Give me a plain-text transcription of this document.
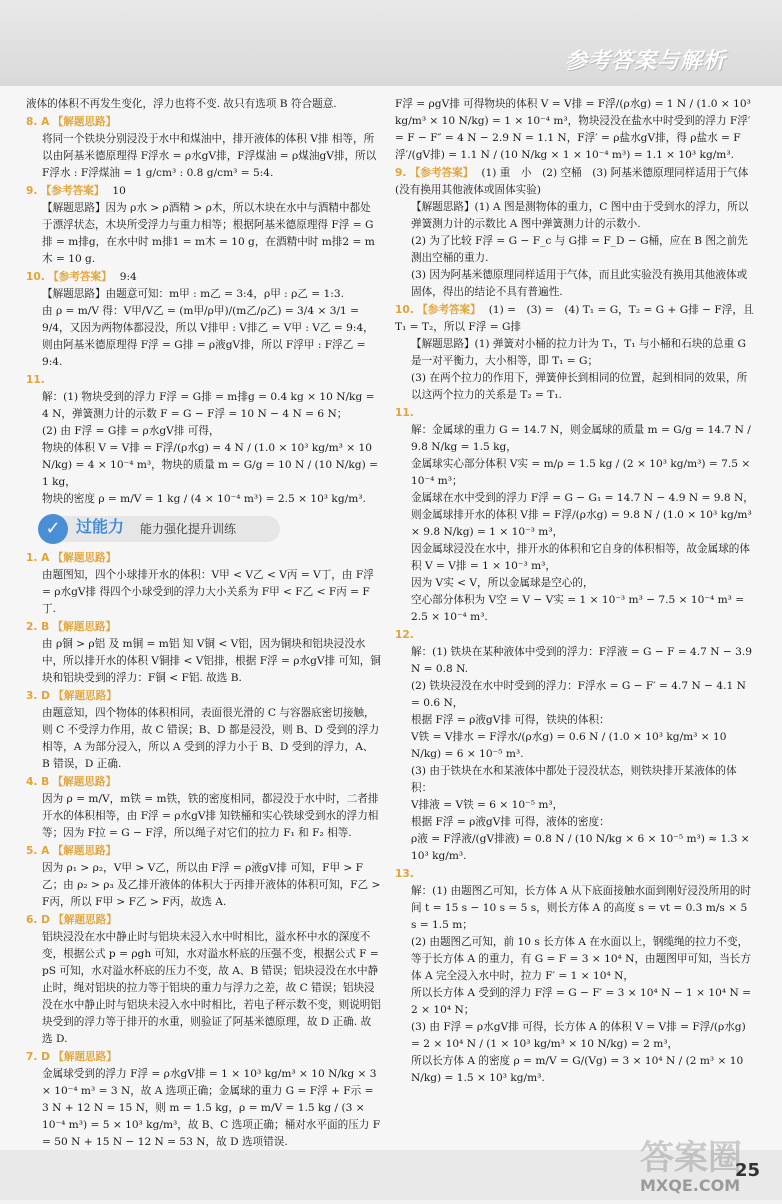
参考答案与解析
液体的体积不再发生变化，浮力也将不变. 故只有选项 B 符合题意.
8. A 【解题思路】
将同一个铁块分别浸没于水中和煤油中，排开液体的体积 V排 相等，所以由阿基米德原理得 F浮水 = ρ水gV排，F浮煤油 = ρ煤油gV排，所以 F浮水 : F浮煤油 = 1 g/cm³ : 0.8 g/cm³ = 5:4.
9. 【参考答案】 10
【解题思路】因为 ρ水 > ρ酒精 > ρ木，所以木块在水中与酒精中都处于漂浮状态，木块所受浮力与重力相等；根据阿基米德原理得 F浮 = G排 = m排g，在水中时 m排1 = m木 = 10 g，在酒精中时 m排2 = m木 = 10 g.
10. 【参考答案】 9:4
【解题思路】由题意可知：m甲 : m乙 = 3:4，ρ甲 : ρ乙 = 1:3.
由 ρ = m/V 得：V甲/V乙 = (m甲/ρ甲)/(m乙/ρ乙) = 3/4 × 3/1 = 9/4，又因为两物体都浸没，所以 V排甲 : V排乙 = V甲 : V乙 = 9:4，则由阿基米德原理得 F浮 = G排 = ρ液gV排，所以 F浮甲 : F浮乙 = 9:4.
11.
解：(1) 物块受到的浮力 F浮 = G排 = m排g = 0.4 kg × 10 N/kg = 4 N，弹簧测力计的示数 F = G − F浮 = 10 N − 4 N = 6 N；
(2) 由 F浮 = G排 = ρ水gV排 可得，
物块的体积 V = V排 = F浮/(ρ水g) = 4 N / (1.0 × 10³ kg/m³ × 10 N/kg) = 4 × 10⁻⁴ m³，物块的质量 m = G/g = 10 N / (10 N/kg) = 1 kg，
物块的密度 ρ = m/V = 1 kg / (4 × 10⁻⁴ m³) = 2.5 × 10³ kg/m³.
✓ 过能力 能力强化提升训练
1. A 【解题思路】
由题图知，四个小球排开水的体积：V甲 < V乙 < V丙 = V丁，由 F浮 = ρ水gV排 得四个小球受到的浮力大小关系为 F甲 < F乙 < F丙 = F丁.
2. B 【解题思路】
由 ρ铜 > ρ铝 及 m铜 = m铝 知 V铜 < V铝，因为铜块和铝块浸没水中，所以排开水的体积 V铜排 < V铝排，根据 F浮 = ρ水gV排 可知，铜块和铝块受到的浮力：F铜 < F铝. 故选 B.
3. D 【解题思路】
由题意知，四个物体的体积相同，表面很光滑的 C 与容器底密切接触，则 C 不受浮力作用，故 C 错误；B、D 都是浸没，则 B、D 受到的浮力相等，A 为部分浸入，所以 A 受到的浮力小于 B、D 受到的浮力，A、B 错误，D 正确.
4. B 【解题思路】
因为 ρ = m/V，m铁 = m铁，铁的密度相同，都浸没于水中时，二者排开水的体积相等，由 F浮 = ρ水gV排 知铁桶和实心铁球受到水的浮力相等；因为 F拉 = G − F浮，所以绳子对它们的拉力 F₁ 和 F₂ 相等.
5. A 【解题思路】
因为 ρ₁ > ρ₂，V甲 > V乙，所以由 F浮 = ρ液gV排 可知，F甲 > F乙；由 ρ₂ > ρ₃ 及乙排开液体的体积大于丙排开液体的体积可知，F乙 > F丙，所以 F甲 > F乙 > F丙，故选 A.
6. D 【解题思路】
铝块浸没在水中静止时与铝块未浸入水中时相比，溢水杯中水的深度不变，根据公式 p = ρgh 可知，水对溢水杯底的压强不变，根据公式 F = pS 可知，水对溢水杯底的压力不变，故 A、B 错误；铝块浸没在水中静止时，绳对铝块的拉力等于铝块的重力与浮力之差，故 C 错误；铝块浸没在水中静止时与铝块未浸入水中时相比，若电子秤示数不变，则说明铝块受到的浮力等于排开的水重，则验证了阿基米德原理，故 D 正确. 故选 D.
7. D 【解题思路】
金属球受到的浮力 F浮 = ρ水gV排 = 1 × 10³ kg/m³ × 10 N/kg × 3 × 10⁻⁴ m³ = 3 N，故 A 选项正确；金属球的重力 G = F浮 + F示 = 3 N + 12 N = 15 N，则 m = 1.5 kg，ρ = m/V = 1.5 kg / (3 × 10⁻⁴ m³) = 5 × 10³ kg/m³，故 B、C 选项正确；桶对水平面的压力 F = 50 N + 15 N − 12 N = 53 N，故 D 选项错误.
F浮 = ρgV排 可得物块的体积 V = V排 = F浮/(ρ水g) = 1 N / (1.0 × 10³ kg/m³ × 10 N/kg) = 1 × 10⁻⁴ m³，物块浸没在盐水中时受到的浮力 F浮′ = F − F″ = 4 N − 2.9 N = 1.1 N，F浮′ = ρ盐水gV排，得 ρ盐水 = F浮′/(gV排) = 1.1 N / (10 N/kg × 1 × 10⁻⁴ m³) = 1.1 × 10³ kg/m³.
9. 【参考答案】 (1) 重　小　(2) 空桶　(3) 阿基米德原理同样适用于气体(没有换用其他液体或固体实验)
【解题思路】(1) A 图是测物体的重力，C 图中由于受到水的浮力，所以弹簧测力计的示数比 A 图中弹簧测力计的示数小.
(2) 为了比较 F浮 = G − F_c 与 G排 = F_D − G桶，应在 B 图之前先测出空桶的重力.
(3) 因为阿基米德原理同样适用于气体，而且此实验没有换用其他液体或固体，得出的结论不具有普遍性.
10. 【参考答案】 (1) =　(3) =　(4) T₁ = G，T₂ = G + G排 − F浮，且 T₁ = T₂，所以 F浮 = G排
【解题思路】(1) 弹簧对小桶的拉力计为 T₁，T₁ 与小桶和石块的总重 G 是一对平衡力，大小相等，即 T₁ = G；
(3) 在两个拉力的作用下，弹簧伸长到相同的位置，起到相同的效果，所以这两个拉力的关系是 T₂ = T₁.
11.
解：金属球的重力 G = 14.7 N，则金属球的质量 m = G/g = 14.7 N / 9.8 N/kg = 1.5 kg，
金属球实心部分体积 V实 = m/ρ = 1.5 kg / (2 × 10³ kg/m³) = 7.5 × 10⁻⁴ m³；
金属球在水中受到的浮力 F浮 = G − G₁ = 14.7 N − 4.9 N = 9.8 N，
则金属球排开水的体积 V排 = F浮/(ρ水g) = 9.8 N / (1.0 × 10³ kg/m³ × 9.8 N/kg) = 1 × 10⁻³ m³，
因金属球浸没在水中，排开水的体积和它自身的体积相等，故金属球的体积 V = V排 = 1 × 10⁻³ m³，
因为 V实 < V，所以金属球是空心的，
空心部分体积为 V空 = V − V实 = 1 × 10⁻³ m³ − 7.5 × 10⁻⁴ m³ = 2.5 × 10⁻⁴ m³.
12.
解：(1) 铁块在某种液体中受到的浮力：F浮液 = G − F = 4.7 N − 3.9 N = 0.8 N.
(2) 铁块浸没在水中时受到的浮力：F浮水 = G − F′ = 4.7 N − 4.1 N = 0.6 N，
根据 F浮 = ρ液gV排 可得，铁块的体积：
V铁 = V排水 = F浮水/(ρ水g) = 0.6 N / (1.0 × 10³ kg/m³ × 10 N/kg) = 6 × 10⁻⁵ m³.
(3) 由于铁块在水和某液体中都处于浸没状态，则铁块排开某液体的体积：
V排液 = V铁 = 6 × 10⁻⁵ m³，
根据 F浮 = ρ液gV排 可得，液体的密度：
ρ液 = F浮液/(gV排液) = 0.8 N / (10 N/kg × 6 × 10⁻⁵ m³) ≈ 1.3 × 10³ kg/m³.
13.
解：(1) 由题图乙可知，长方体 A 从下底面接触水面到刚好浸没所用的时间 t = 15 s − 10 s = 5 s，则长方体 A 的高度 s = vt = 0.3 m/s × 5 s = 1.5 m；
(2) 由题图乙可知，前 10 s 长方体 A 在水面以上，钢缆绳的拉力不变，等于长方体 A 的重力，有 G = F = 3 × 10⁴ N，由题图甲可知，当长方体 A 完全浸入水中时，拉力 F′ = 1 × 10⁴ N，
所以长方体 A 受到的浮力 F浮 = G − F′ = 3 × 10⁴ N − 1 × 10⁴ N = 2 × 10⁴ N；
(3) 由 F浮 = ρ水gV排 可得，长方体 A 的体积 V = V排 = F浮/(ρ水g) = 2 × 10⁴ N / (1 × 10³ kg/m³ × 10 N/kg) = 2 m³，
所以长方体 A 的密度 ρ = m/V = G/(Vg) = 3 × 10⁴ N / (2 m³ × 10 N/kg) = 1.5 × 10³ kg/m³.
答案圈
MXQE.COM
25
